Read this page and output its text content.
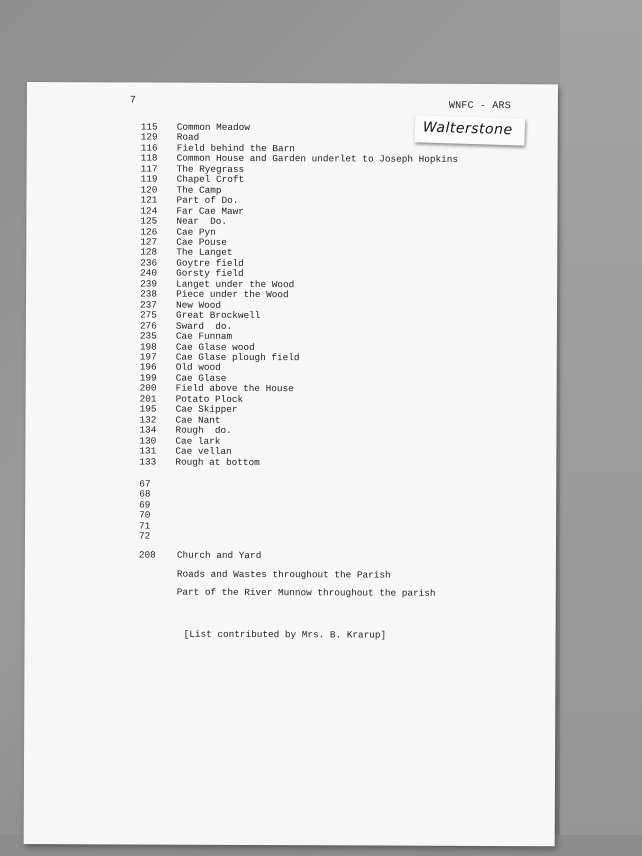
7	WNFC - ARS
Walterstone
115	Common Meadow
129	Road
116	Field behind the Barn
118	Common House and Garden underlet to Joseph Hopkins
117	The Ryegrass
119	Chapel Croft
120	The Camp
121	Part of Do.
124	Far Cae Mawr
125	Near  Do.
126	Cae Pyn
127	Cae Pouse
128	The Langet
236	Goytre field
240	Gorsty field
239	Langet under the Wood
238	Piece under the Wood
237	New Wood
275	Great Brockwell
276	Sward  do.
235	Cae Funnam
198	Cae Glase wood
197	Cae Glase plough field
196	Old wood
199	Cae Glase
200	Field above the House
201	Potato Plock
195	Cae Skipper
132	Cae Nant
134	Rough  do.
130	Cae lark
131	Cae vellan
133	Rough at bottom
67
68
69
70
71
72
208	Church and Yard
Roads and Wastes throughout the Parish
Part of the River Munnow throughout the parish
[List contributed by Mrs. B. Krarup]
